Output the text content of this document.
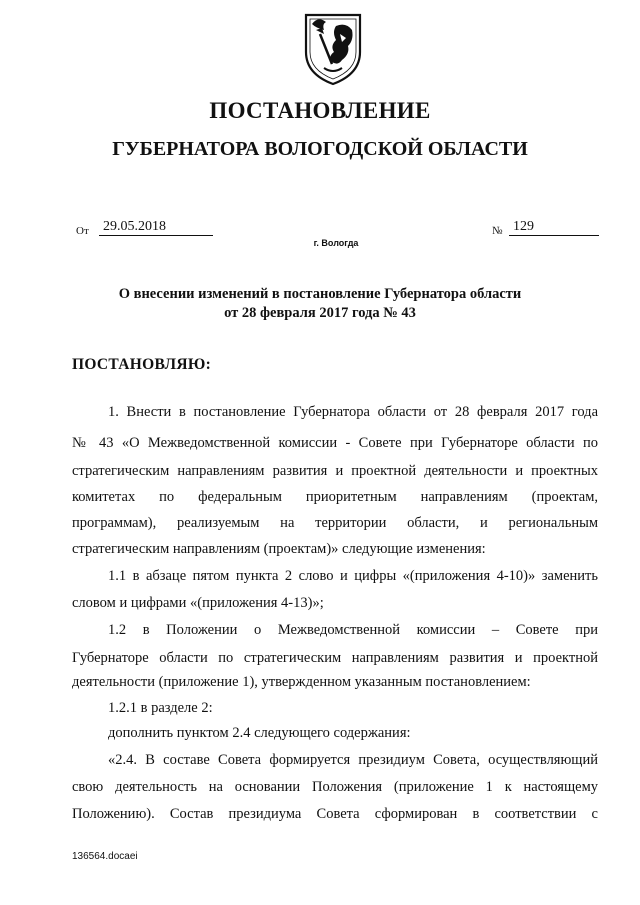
ПОСТАНОВЛЕНИЕ
ГУБЕРНАТОРА ВОЛОГОДСКОЙ ОБЛАСТИ
От 29.05.2018	№ 129
г. Вологда
О внесении изменений в постановление Губернатора области
от 28 февраля 2017 года № 43
ПОСТАНОВЛЯЮ:
1. Внести в постановление Губернатора области от 28 февраля 2017 года
№ 43 «О Межведомственной комиссии - Совете при Губернаторе области по
стратегическим направлениям развития и проектной деятельности и проектных
комитетах по федеральным приоритетным направлениям (проектам,
программам), реализуемым на территории области, и региональным
стратегическим направлениям (проектам)» следующие изменения:
1.1 в абзаце пятом пункта 2 слово и цифры «(приложения 4-10)» заменить
словом и цифрами «(приложения 4-13)»;
1.2 в Положении о Межведомственной комиссии – Совете при
Губернаторе области по стратегическим направлениям развития и проектной
деятельности (приложение 1), утвержденном указанным постановлением:
1.2.1 в разделе 2:
дополнить пунктом 2.4 следующего содержания:
«2.4. В составе Совета формируется президиум Совета, осуществляющий
свою деятельность на основании Положения (приложение 1 к настоящему
Положению). Состав президиума Совета сформирован в соответствии с
136564.docaei
